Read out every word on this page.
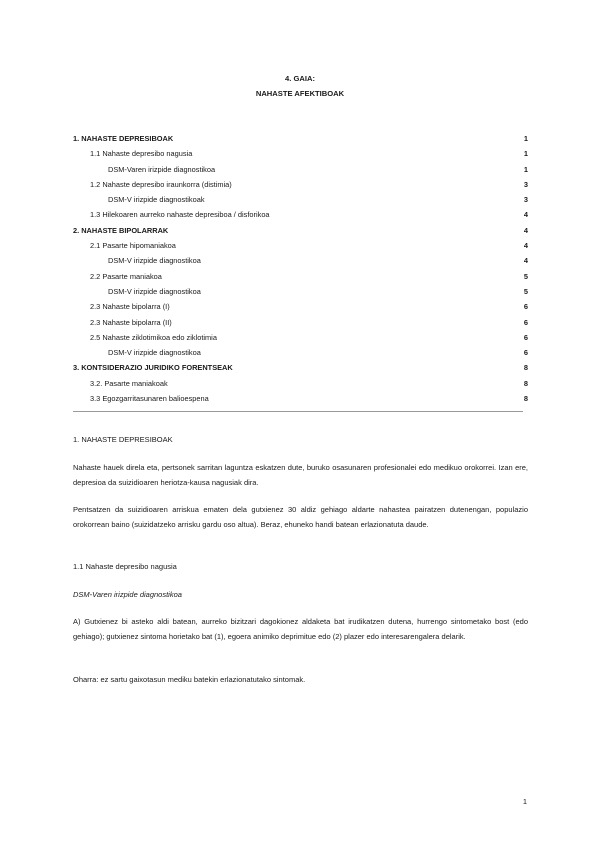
4. GAIA:
NAHASTE AFEKTIBOAK
1. NAHASTE DEPRESIBOAK	1
1.1 Nahaste depresibo nagusia	1
DSM-Varen irizpide diagnostikoa	1
1.2 Nahaste depresibo iraunkorra (distimia)	3
DSM-V irizpide diagnostikoak	3
1.3 Hilekoaren aurreko nahaste depresiboa / disforikoa	4
2. NAHASTE BIPOLARRAK	4
2.1 Pasarte hipomaniakoa	4
DSM-V irizpide diagnostikoa	4
2.2 Pasarte maniakoa	5
DSM-V irizpide diagnostikoa	5
2.3 Nahaste bipolarra (I)	6
2.3 Nahaste bipolarra (II)	6
2.5 Nahaste ziklotimikoa edo ziklotimia	6
DSM-V irizpide diagnostikoa	6
3. KONTSIDERAZIO JURIDIKO FORENTSEAK	8
3.2. Pasarte maniakoak	8
3.3 Egozgarritasunaren balioespena	8
1. NAHASTE DEPRESIBOAK
Nahaste hauek direla eta, pertsonek sarritan laguntza eskatzen dute, buruko osasunaren profesionalei edo medikuo orokorrei. Izan ere, depresioa da suizidioaren heriotza-kausa nagusiak dira.
Pentsatzen da suizidioaren arriskua ematen dela gutxienez 30 aldiz gehiago aldarte nahastea pairatzen dutenengan, populazio orokorrean baino (suizidatzeko arrisku gardu oso altua). Beraz, ehuneko handi batean erlazionatuta daude.
1.1 Nahaste depresibo nagusia
DSM-Varen irizpide diagnostikoa
A) Gutxienez bi asteko aldi batean, aurreko bizitzari dagokionez aldaketa bat irudikatzen dutena, hurrengo sintometako bost (edo gehiago); gutxienez sintoma horietako bat (1), egoera animiko deprimitue edo (2) plazer edo interesarengalera delarik.
Oharra: ez sartu gaixotasun mediku batekin erlazionatutako sintomak.
1
